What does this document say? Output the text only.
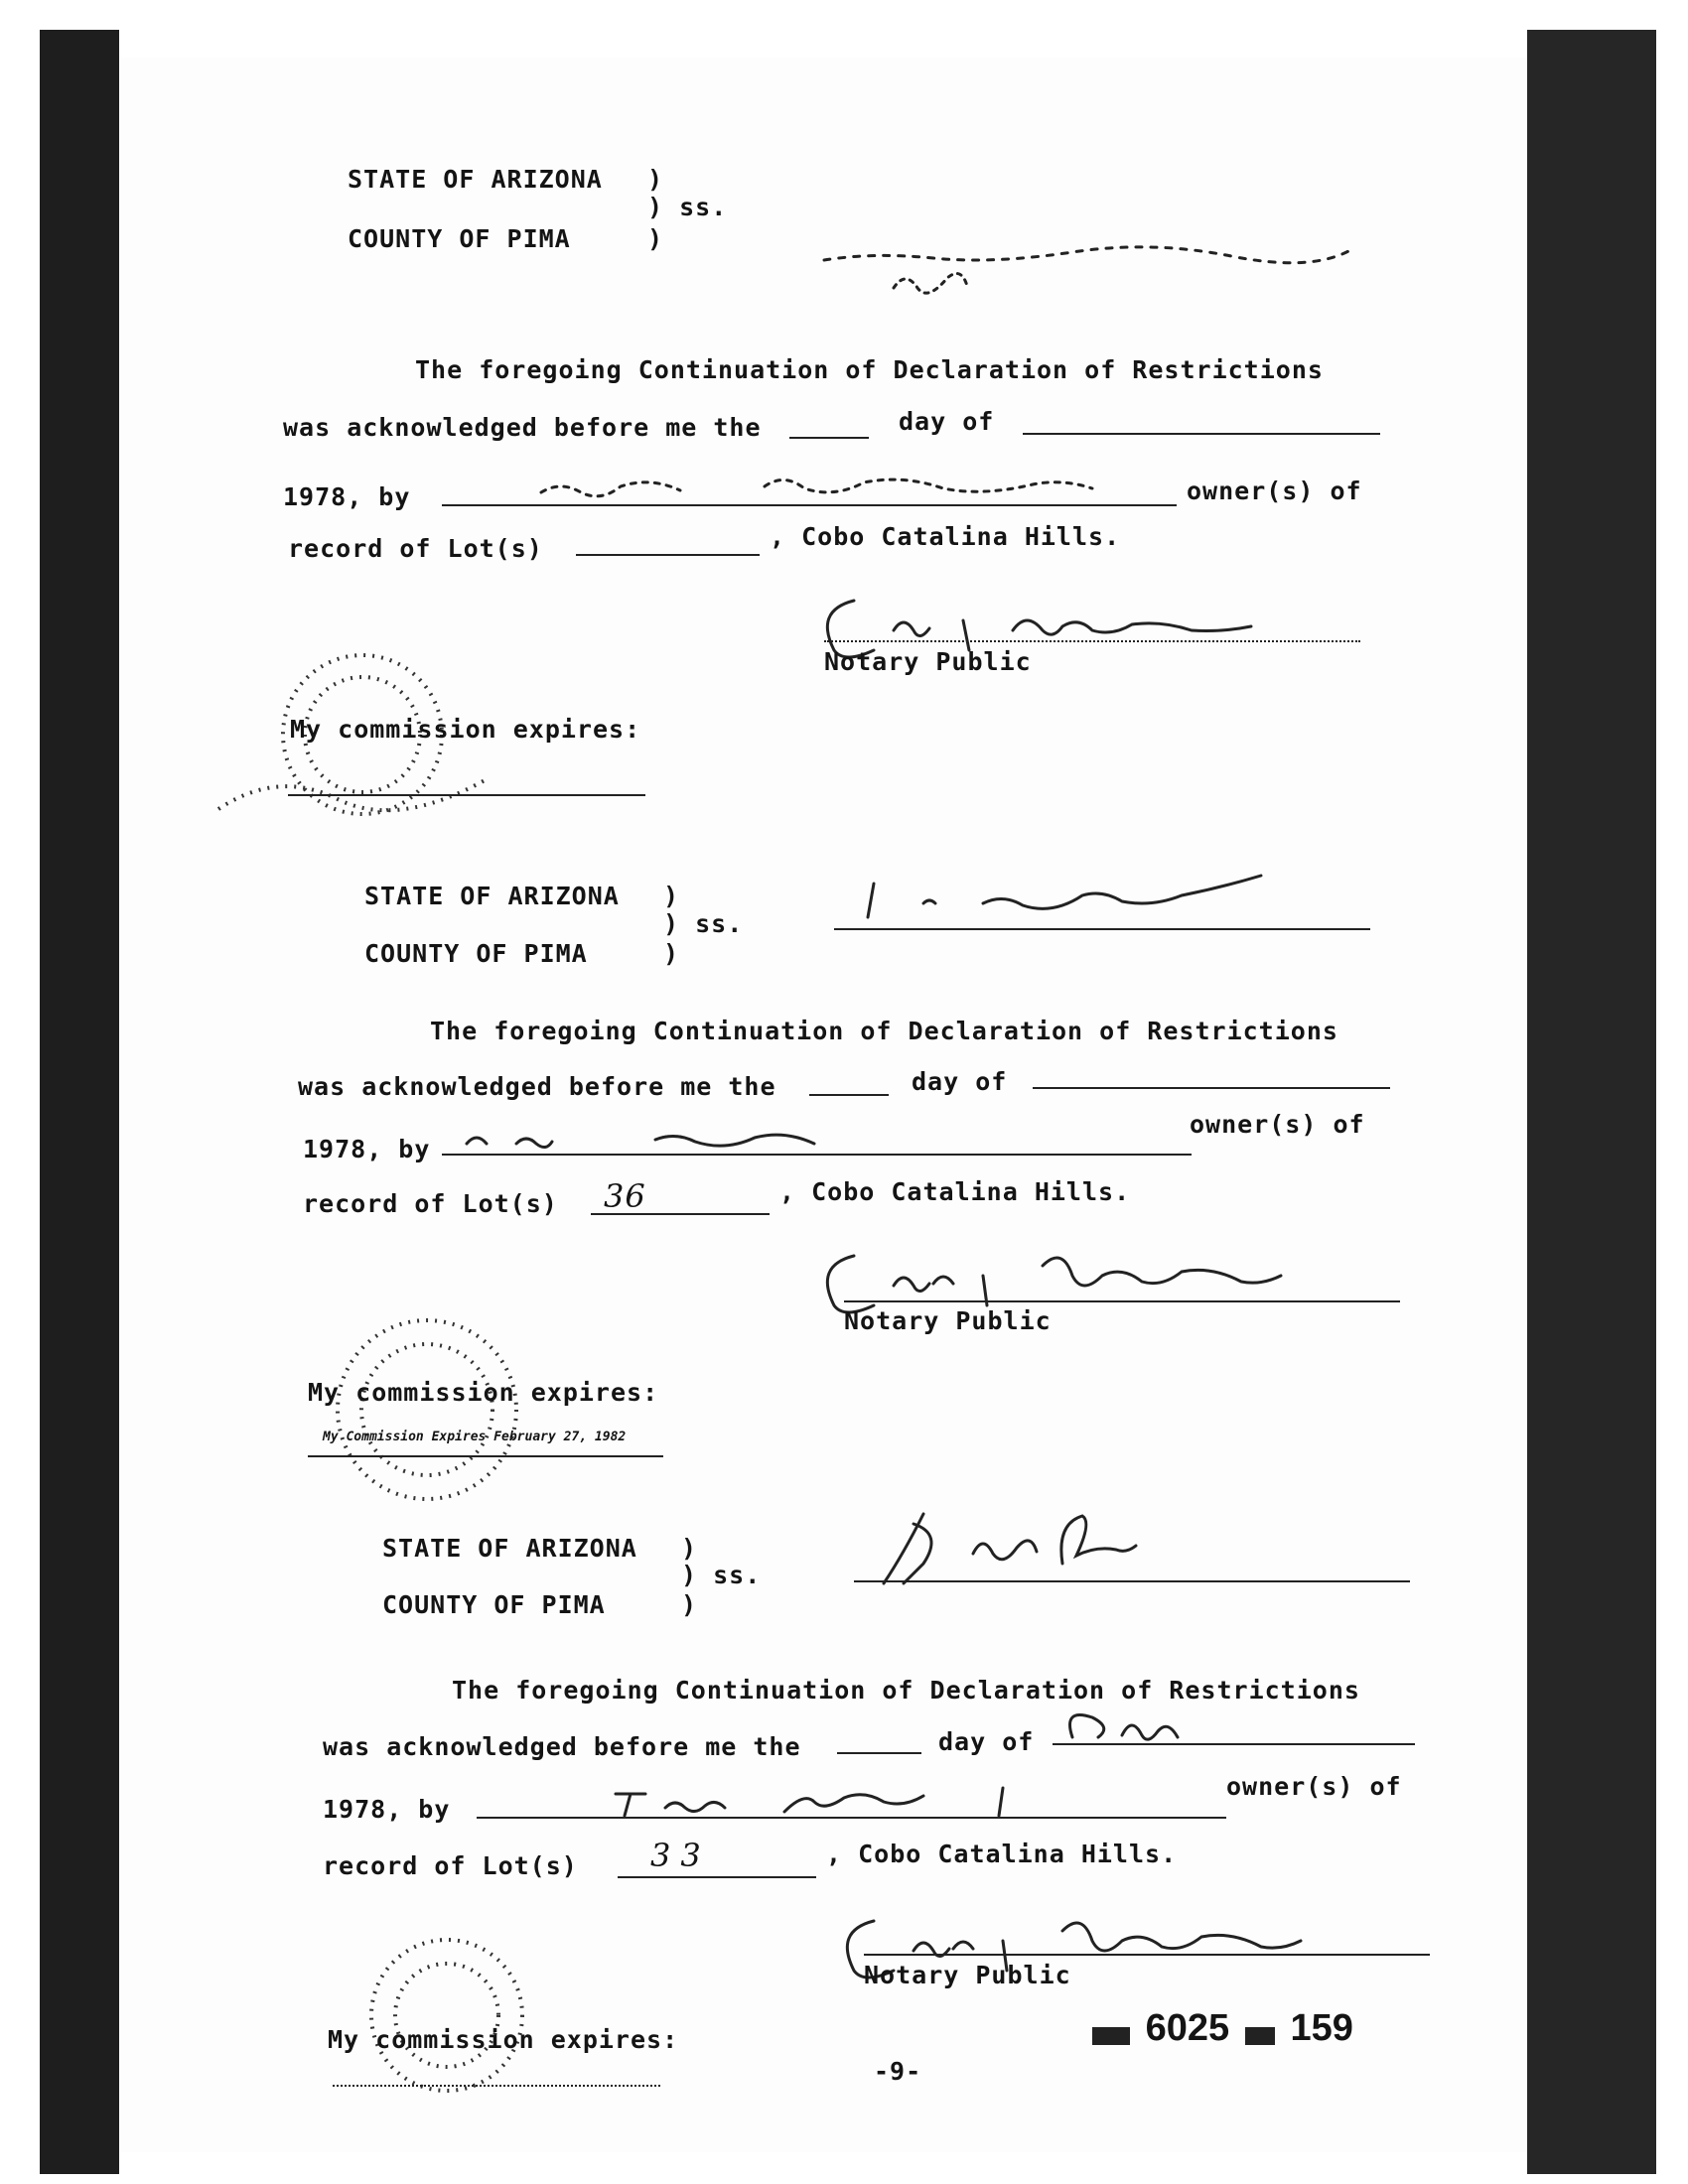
STATE OF ARIZONA )
) ss.
COUNTY OF PIMA	)
The foregoing Continuation of Declaration of Restrictions
was acknowledged before me the	day of
1978, by	owner(s) of
record of Lot(s)	, Cobo Catalina Hills.
Notary Public
My commission expires:
STATE OF ARIZONA )
) ss.
COUNTY OF PIMA	)
The foregoing Continuation of Declaration of Restrictions
was acknowledged before me the	day of
1978, by
owner(s) of
record of Lot(s) 36	, Cobo Catalina Hills.
Notary Public
My commission expires:
My Commission Expires February 27, 1982
STATE OF ARIZONA )
) ss.
COUNTY OF PIMA	)
The foregoing Continuation of Declaration of Restrictions
was acknowledged before me the	day of
1978, by
owner(s) of
record of Lot(s) 33	, Cobo Catalina Hills.
Notary Public
My commission expires:
-9-
6025 159
